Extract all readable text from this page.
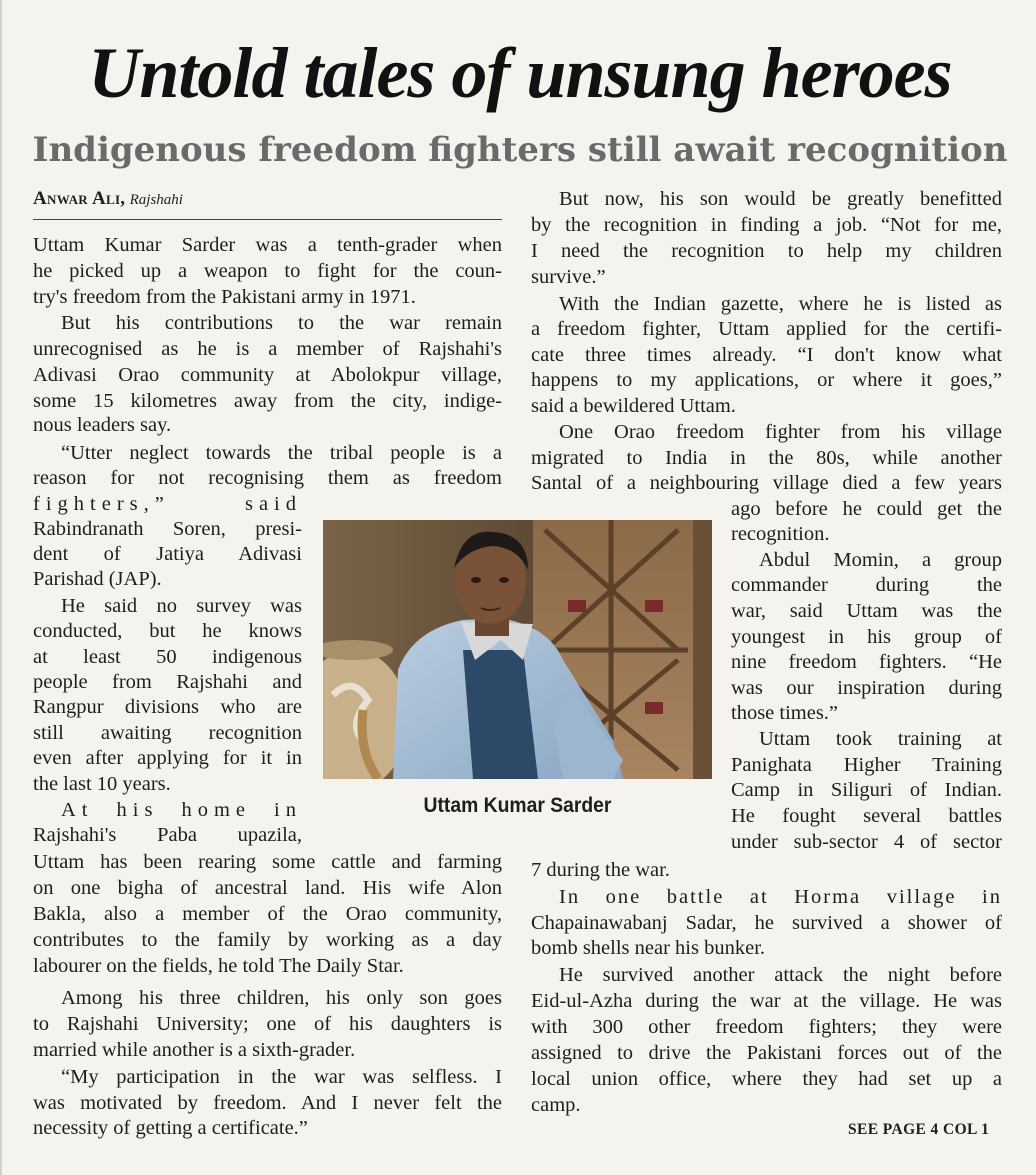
Untold tales of unsung heroes
Indigenous freedom fighters still await recognition
Anwar Ali, Rajshahi
Uttam Kumar Sarder was a tenth-grader when
he picked up a weapon to fight for the coun-
try's freedom from the Pakistani army in 1971.
But his contributions to the war remain
unrecognised as he is a member of Rajshahi's
Adivasi Orao community at Abolokpur village,
some 15 kilometres away from the city, indige-
nous leaders say.
“Utter neglect towards the tribal people is a
reason for not recognising them as freedom
fighters,” said
Rabindranath Soren, presi-
dent of Jatiya Adivasi
Parishad (JAP).
He said no survey was
conducted, but he knows
at least 50 indigenous
people from Rajshahi and
Rangpur divisions who are
still awaiting recognition
even after applying for it in
the last 10 years.
At his home in
Rajshahi's Paba upazila,
Uttam has been rearing some cattle and farming
on one bigha of ancestral land. His wife Alon
Bakla, also a member of the Orao community,
contributes to the family by working as a day
labourer on the fields, he told The Daily Star.
Among his three children, his only son goes
to Rajshahi University; one of his daughters is
married while another is a sixth-grader.
“My participation in the war was selfless. I
was motivated by freedom. And I never felt the
necessity of getting a certificate.”
But now, his son would be greatly benefitted
by the recognition in finding a job. “Not for me,
I need the recognition to help my children
survive.”
With the Indian gazette, where he is listed as
a freedom fighter, Uttam applied for the certifi-
cate three times already. “I don't know what
happens to my applications, or where it goes,”
said a bewildered Uttam.
One Orao freedom fighter from his village
migrated to India in the 80s, while another
Santal of a neighbouring village died a few years
ago before he could get the
recognition.
Abdul Momin, a group
commander during the
war, said Uttam was the
youngest in his group of
nine freedom fighters. “He
was our inspiration during
those times.”
Uttam took training at
Panighata Higher Training
Camp in Siliguri of Indian.
He fought several battles
under sub-sector 4 of sector
7 during the war.
In one battle at Horma village in
Chapainawabanj Sadar, he survived a shower of
bomb shells near his bunker.
He survived another attack the night before
Eid-ul-Azha during the war at the village. He was
with 300 other freedom fighters; they were
assigned to drive the Pakistani forces out of the
local union office, where they had set up a
camp.
Uttam Kumar Sarder
SEE PAGE 4 COL 1
